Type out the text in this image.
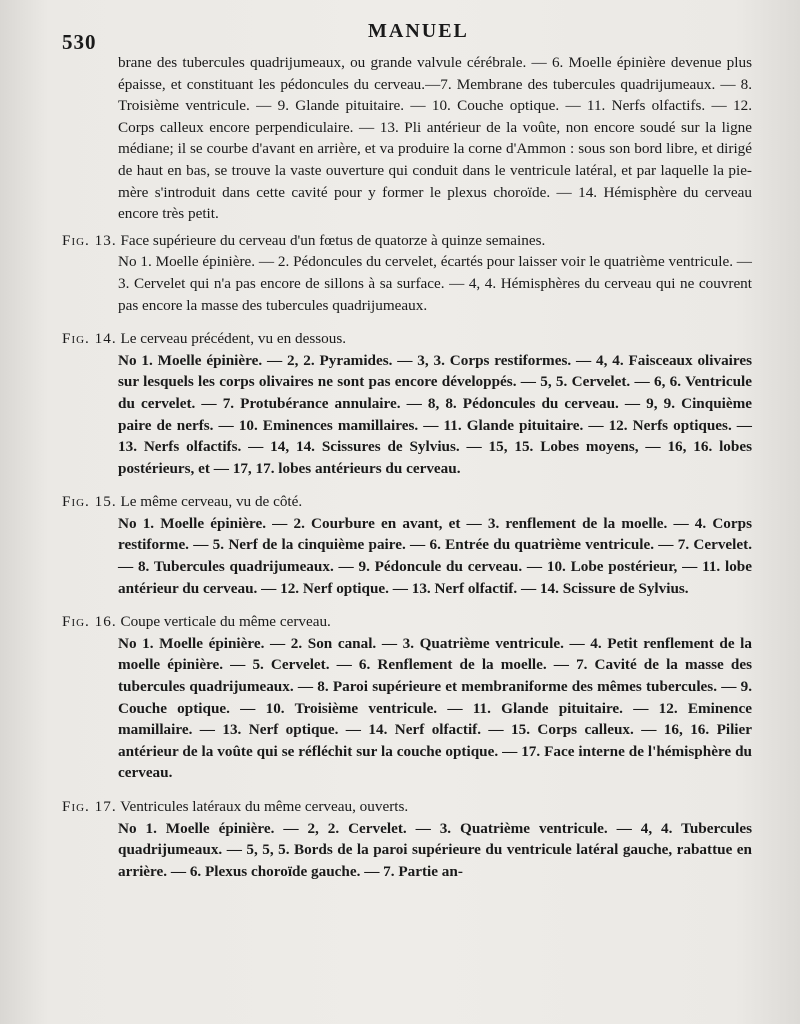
530	MANUEL

brane des tubercules quadrijumeaux, ou grande valvule cérébrale. — 6. Moelle épinière devenue plus épaisse, et constituant les pédoncules du cerveau.—7. Membrane des tubercules quadrijumeaux. — 8. Troisième ventricule. — 9. Glande pituitaire. — 10. Couche optique. — 11. Nerfs olfactifs. — 12. Corps calleux encore perpendiculaire. — 13. Pli antérieur de la voûte, non encore soudé sur la ligne médiane; il se courbe d'avant en arrière, et va produire la corne d'Ammon : sous son bord libre, et dirigé de haut en bas, se trouve la vaste ouverture qui conduit dans le ventricule latéral, et par laquelle la pie-mère s'introduit dans cette cavité pour y former le plexus choroïde. — 14. Hémisphère du cerveau encore très petit.

Fig. 13. Face supérieure du cerveau d'un fœtus de quatorze à quinze semaines.

No 1. Moelle épinière. — 2. Pédoncules du cervelet, écartés pour laisser voir le quatrième ventricule. — 3. Cervelet qui n'a pas encore de sillons à sa surface. — 4, 4. Hémisphères du cerveau qui ne couvrent pas encore la masse des tubercules quadrijumeaux.

Fig. 14. Le cerveau précédent, vu en dessous.

No 1. Moelle épinière. — 2, 2. Pyramides. — 3, 3. Corps restiformes. — 4, 4. Faisceaux olivaires sur lesquels les corps olivaires ne sont pas encore développés. — 5, 5. Cervelet. — 6, 6. Ventricule du cervelet. — 7. Protubérance annulaire. — 8, 8. Pédoncules du cerveau. — 9, 9. Cinquième paire de nerfs. — 10. Eminences mamillaires. — 11. Glande pituitaire. — 12. Nerfs optiques. — 13. Nerfs olfactifs. — 14, 14. Scissures de Sylvius. — 15, 15. Lobes moyens, — 16, 16. lobes postérieurs, et — 17, 17. lobes antérieurs du cerveau.

Fig. 15. Le même cerveau, vu de côté.

No 1. Moelle épinière. — 2. Courbure en avant, et — 3. renflement de la moelle. — 4. Corps restiforme. — 5. Nerf de la cinquième paire. — 6. Entrée du quatrième ventricule. — 7. Cervelet. — 8. Tubercules quadrijumeaux. — 9. Pédoncule du cerveau. — 10. Lobe postérieur, — 11. lobe antérieur du cerveau. — 12. Nerf optique. — 13. Nerf olfactif. — 14. Scissure de Sylvius.

Fig. 16. Coupe verticale du même cerveau.

No 1. Moelle épinière. — 2. Son canal. — 3. Quatrième ventricule. — 4. Petit renflement de la moelle épinière. — 5. Cervelet. — 6. Renflement de la moelle. — 7. Cavité de la masse des tubercules quadrijumeaux. — 8. Paroi supérieure et membraniforme des mêmes tubercules. — 9. Couche optique. — 10. Troisième ventricule. — 11. Glande pituitaire. — 12. Eminence mamillaire. — 13. Nerf optique. — 14. Nerf olfactif. — 15. Corps calleux. — 16, 16. Pilier antérieur de la voûte qui se réfléchit sur la couche optique. — 17. Face interne de l'hémisphère du cerveau.

Fig. 17. Ventricules latéraux du même cerveau, ouverts.

No 1. Moelle épinière. — 2, 2. Cervelet. — 3. Quatrième ventricule. — 4, 4. Tubercules quadrijumeaux. — 5, 5, 5. Bords de la paroi supérieure du ventricule latéral gauche, rabattue en arrière. — 6. Plexus choroïde gauche. — 7. Partie an-
